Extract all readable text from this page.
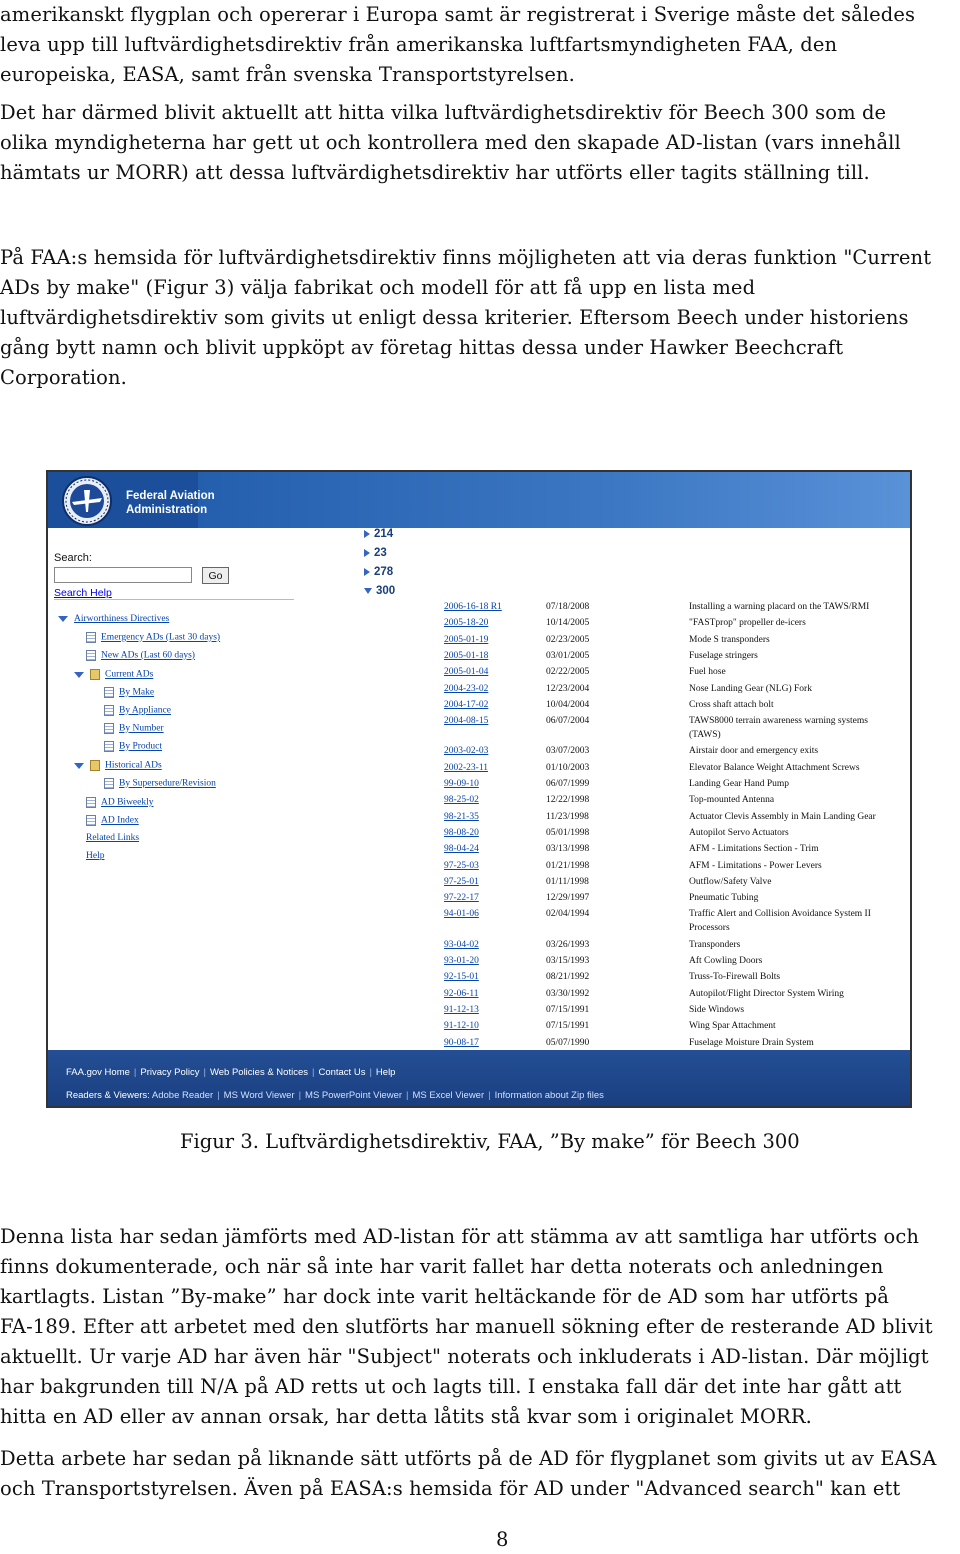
amerikanskt flygplan och opererar i Europa samt är registrerat i Sverige måste det således
leva upp till luftvärdighetsdirektiv från amerikanska luftfartsmyndigheten FAA, den
europeiska, EASA, samt från svenska Transportstyrelsen.
Det har därmed blivit aktuellt att hitta vilka luftvärdighetsdirektiv för Beech 300 som de
olika myndigheterna har gett ut och kontrollera med den skapade AD-listan (vars innehåll
hämtats ur MORR) att dessa luftvärdighetsdirektiv har utförts eller tagits ställning till.
På FAA:s hemsida för luftvärdighetsdirektiv finns möjligheten att via deras funktion "Current
ADs by make" (Figur 3) välja fabrikat och modell för att få upp en lista med
luftvärdighetsdirektiv som givits ut enligt dessa kriterier. Eftersom Beech under historiens
gång bytt namn och blivit uppköpt av företag hittas dessa under Hawker Beechcraft
Corporation.
Federal Aviation
Administration
Search:
Go
Search Help
Airworthiness Directives
Emergency ADs (Last 30 days)
New ADs (Last 60 days)
Current ADs
By Make
By Appliance
By Number
By Product
Historical ADs
By Supersedure/Revision
AD Biweekly
AD Index
Related Links
Help
214
23
278
300
2006-16-18 R1	07/18/2008	Installing a warning placard on the TAWS/RMI
2005-18-20	10/14/2005	"FASTprop" propeller de-icers
2005-01-19	02/23/2005	Mode S transponders
2005-01-18	03/01/2005	Fuselage stringers
2005-01-04	02/22/2005	Fuel hose
2004-23-02	12/23/2004	Nose Landing Gear (NLG) Fork
2004-17-02	10/04/2004	Cross shaft attach bolt
2004-08-15	06/07/2004	TAWS8000 terrain awareness warning systems
(TAWS)
2003-02-03	03/07/2003	Airstair door and emergency exits
2002-23-11	01/10/2003	Elevator Balance Weight Attachment Screws
99-09-10	06/07/1999	Landing Gear Hand Pump
98-25-02	12/22/1998	Top-mounted Antenna
98-21-35	11/23/1998	Actuator Clevis Assembly in Main Landing Gear
98-08-20	05/01/1998	Autopilot Servo Actuators
98-04-24	03/13/1998	AFM - Limitations Section - Trim
97-25-03	01/21/1998	AFM - Limitations - Power Levers
97-25-01	01/11/1998	Outflow/Safety Valve
97-22-17	12/29/1997	Pneumatic Tubing
94-01-06	02/04/1994	Traffic Alert and Collision Avoidance System II
Processors
93-04-02	03/26/1993	Transponders
93-01-20	03/15/1993	Aft Cowling Doors
92-15-01	08/21/1992	Truss-To-Firewall Bolts
92-06-11	03/30/1992	Autopilot/Flight Director System Wiring
91-12-13	07/15/1991	Side Windows
91-12-10	07/15/1991	Wing Spar Attachment
90-08-17	05/07/1990	Fuselage Moisture Drain System
FAA.gov Home | Privacy Policy | Web Policies & Notices | Contact Us | Help
Readers & Viewers: Adobe Reader | MS Word Viewer | MS PowerPoint Viewer | MS Excel Viewer | Information about Zip files
Figur 3. Luftvärdighetsdirektiv, FAA, ”By make” för Beech 300
Denna lista har sedan jämförts med AD-listan för att stämma av att samtliga har utförts och
finns dokumenterade, och när så inte har varit fallet har detta noterats och anledningen
kartlagts. Listan ”By-make” har dock inte varit heltäckande för de AD som har utförts på
FA-189. Efter att arbetet med den slutförts har manuell sökning efter de resterande AD blivit
aktuellt. Ur varje AD har även här "Subject" noterats och inkluderats i AD-listan. Där möjligt
har bakgrunden till N/A på AD retts ut och lagts till. I enstaka fall där det inte har gått att
hitta en AD eller av annan orsak, har detta låtits stå kvar som i originalet MORR.
Detta arbete har sedan på liknande sätt utförts på de AD för flygplanet som givits ut av EASA
och Transportstyrelsen. Även på EASA:s hemsida för AD under "Advanced search" kan ett
8
